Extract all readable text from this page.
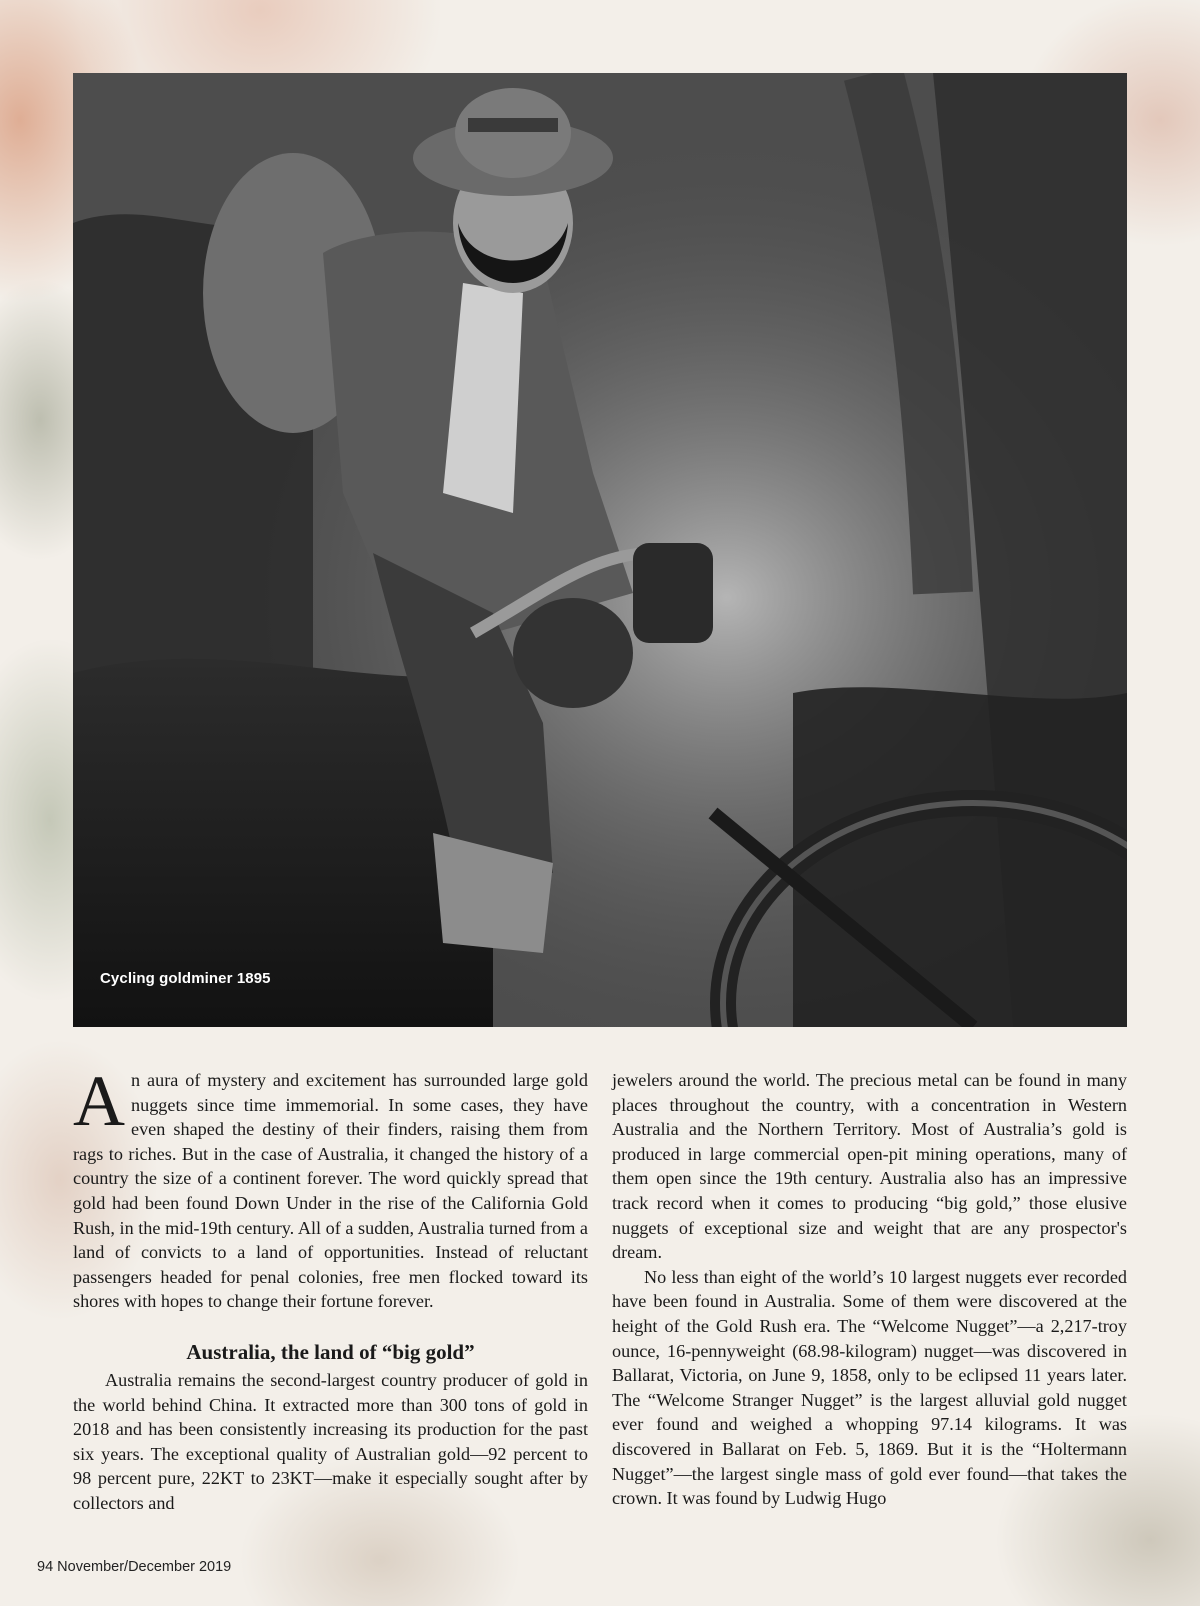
Cycling goldminer 1895

An aura of mystery and excitement has surrounded large gold nuggets since time immemorial. In some cases, they have even shaped the destiny of their finders, raising them from rags to riches. But in the case of Australia, it changed the history of a country the size of a continent forever. The word quickly spread that gold had been found Down Under in the rise of the California Gold Rush, in the mid-19th century. All of a sudden, Australia turned from a land of convicts to a land of opportunities. Instead of reluctant passengers headed for penal colonies, free men flocked toward its shores with hopes to change their fortune forever.

Australia, the land of “big gold”

Australia remains the second-largest country producer of gold in the world behind China. It extracted more than 300 tons of gold in 2018 and has been consistently increasing its production for the past six years. The exceptional quality of Australian gold—92 percent to 98 percent pure, 22KT to 23KT—make it especially sought after by collectors and

jewelers around the world. The precious metal can be found in many places throughout the country, with a concentration in Western Australia and the Northern Territory. Most of Australia’s gold is produced in large commercial open-pit mining operations, many of them open since the 19th century. Australia also has an impressive track record when it comes to producing “big gold,” those elusive nuggets of exceptional size and weight that are any prospector's dream.

No less than eight of the world’s 10 largest nuggets ever recorded have been found in Australia. Some of them were discovered at the height of the Gold Rush era. The “Welcome Nugget”—a 2,217-troy ounce, 16-pennyweight (68.98-kilogram) nugget—was discovered in Ballarat, Victoria, on June 9, 1858, only to be eclipsed 11 years later. The “Welcome Stranger Nugget” is the largest alluvial gold nugget ever found and weighed a whopping 97.14 kilograms. It was discovered in Ballarat on Feb. 5, 1869. But it is the “Holtermann Nugget”—the largest single mass of gold ever found—that takes the crown. It was found by Ludwig Hugo

94 November/December 2019
